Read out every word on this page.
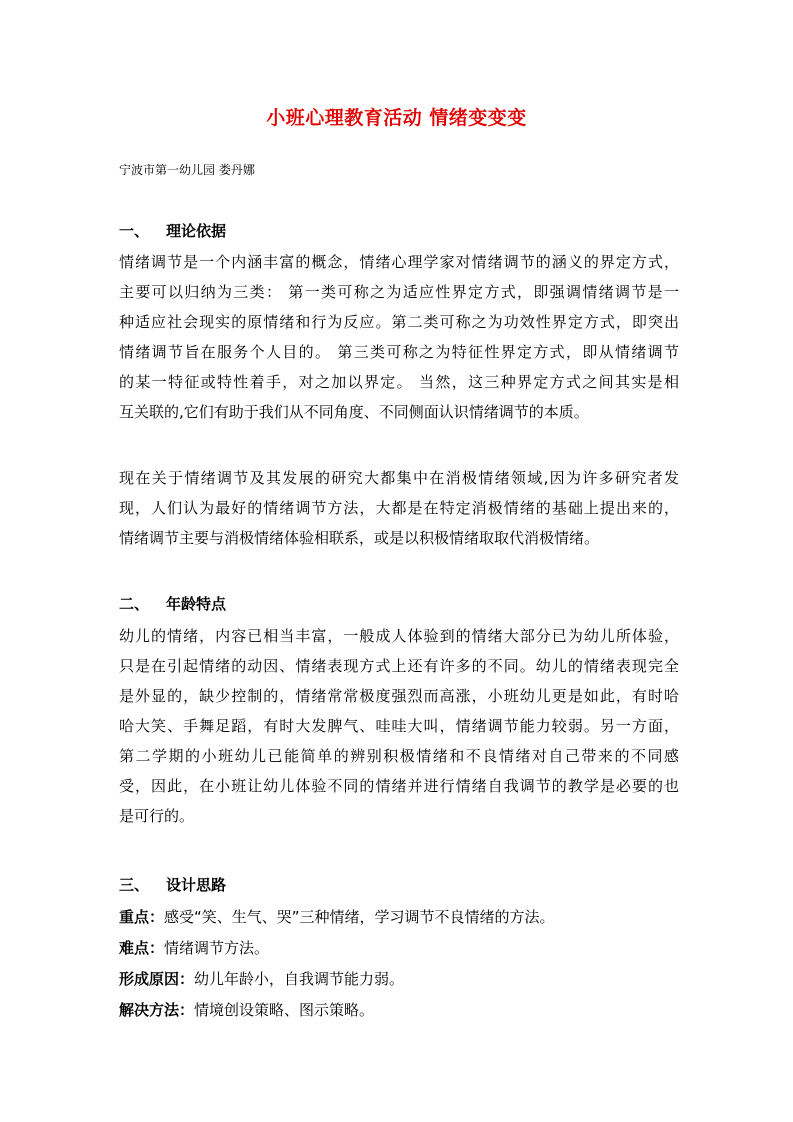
小班心理教育活动 情绪变变变
宁波市第一幼儿园 娄丹娜
一、 理论依据
情绪调节是一个内涵丰富的概念，情绪心理学家对情绪调节的涵义的界定方式，
主要可以归纳为三类： 第一类可称之为适应性界定方式，即强调情绪调节是一
种适应社会现实的原情绪和行为反应。第二类可称之为功效性界定方式，即突出
情绪调节旨在服务个人目的。 第三类可称之为特征性界定方式，即从情绪调节
的某一特征或特性着手，对之加以界定。 当然，这三种界定方式之间其实是相
互关联的,它们有助于我们从不同角度、不同侧面认识情绪调节的本质。
现在关于情绪调节及其发展的研究大都集中在消极情绪领域,因为许多研究者发
现，人们认为最好的情绪调节方法，大都是在特定消极情绪的基础上提出来的，
情绪调节主要与消极情绪体验相联系，或是以积极情绪取取代消极情绪。
二、 年龄特点
幼儿的情绪，内容已相当丰富，一般成人体验到的情绪大部分已为幼儿所体验，
只是在引起情绪的动因、情绪表现方式上还有许多的不同。幼儿的情绪表现完全
是外显的，缺少控制的，情绪常常极度强烈而高涨，小班幼儿更是如此，有时哈
哈大笑、手舞足蹈，有时大发脾气、哇哇大叫，情绪调节能力较弱。另一方面，
第二学期的小班幼儿已能简单的辨别积极情绪和不良情绪对自己带来的不同感
受，因此，在小班让幼儿体验不同的情绪并进行情绪自我调节的教学是必要的也
是可行的。
三、 设计思路
重点：感受“笑、生气、哭”三种情绪，学习调节不良情绪的方法。
难点：情绪调节方法。
形成原因：幼儿年龄小，自我调节能力弱。
解决方法：情境创设策略、图示策略。
